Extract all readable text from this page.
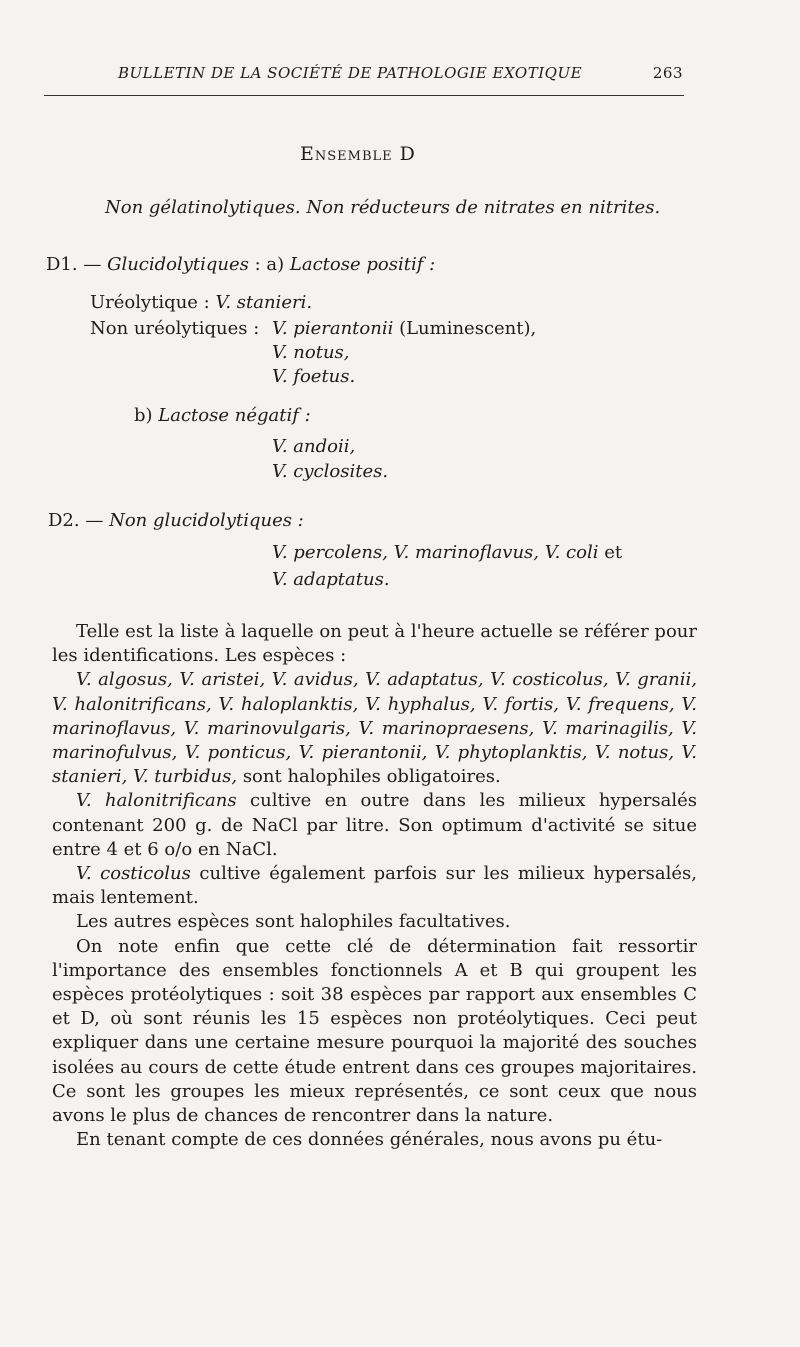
BULLETIN DE LA SOCIÉTÉ DE PATHOLOGIE EXOTIQUE	263
Ensemble D
Non gélatinolytiques. Non réducteurs de nitrates en nitrites.
D1. — Glucidolytiques : a) Lactose positif :
Uréolytique : V. stanieri.
Non uréolytiques : V. pierantonii (Luminescent),
V. notus,
V. foetus.
b) Lactose négatif :
V. andoii,
V. cyclosites.
D2. — Non glucidolytiques :
V. percolens, V. marinoflavus, V. coli et
V. adaptatus.

Telle est la liste à laquelle on peut à l'heure actuelle se référer pour les identifications. Les espèces :

V. algosus, V. aristei, V. avidus, V. adaptatus, V. costicolus, V. granii, V. halonitrificans, V. haloplanktis, V. hyphalus, V. fortis, V. frequens, V. marinoflavus, V. marinovulgaris, V. marinopraesens, V. marinagilis, V. marinofulvus, V. ponticus, V. pierantonii, V. phytoplanktis, V. notus, V. stanieri, V. turbidus, sont halophiles obligatoires.

V. halonitrificans cultive en outre dans les milieux hypersalés contenant 200 g. de NaCl par litre. Son optimum d'activité se situe entre 4 et 6 o/o en NaCl.

V. costicolus cultive également parfois sur les milieux hypersalés, mais lentement.

Les autres espèces sont halophiles facultatives.

On note enfin que cette clé de détermination fait ressortir l'importance des ensembles fonctionnels A et B qui groupent les espèces protéolytiques : soit 38 espèces par rapport aux ensembles C et D, où sont réunis les 15 espèces non protéolytiques. Ceci peut expliquer dans une certaine mesure pourquoi la majorité des souches isolées au cours de cette étude entrent dans ces groupes majoritaires. Ce sont les groupes les mieux représentés, ce sont ceux que nous avons le plus de chances de rencontrer dans la nature.

En tenant compte de ces données générales, nous avons pu étu-
